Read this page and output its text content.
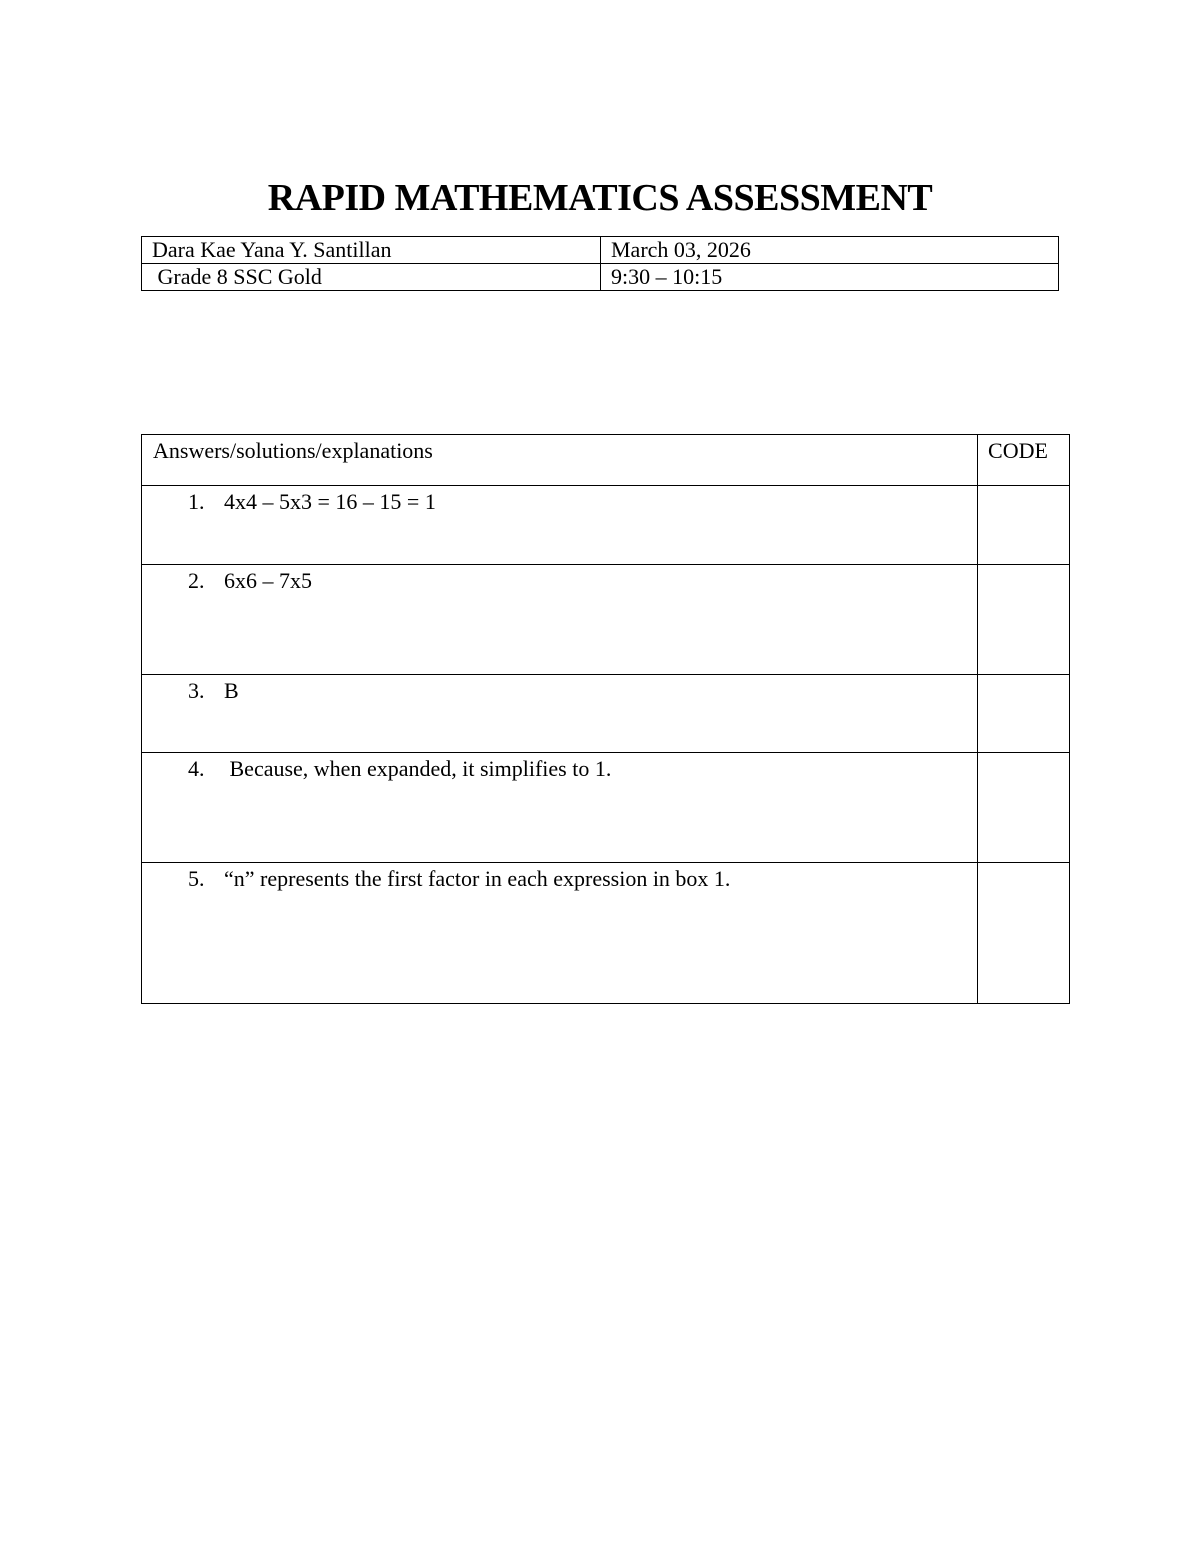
RAPID MATHEMATICS ASSESSMENT
Dara Kae Yana Y. Santillan	March 03, 2026
Grade 8 SSC Gold	9:30 – 10:15
Answers/solutions/explanations	CODE

1. 4x4 – 5x3 = 16 – 15 = 1	

2. 6x6 – 7x5	

3. B	

4. Because, when expanded, it simplifies to 1.	

5. “n” represents the first factor in each expression in box 1.	
